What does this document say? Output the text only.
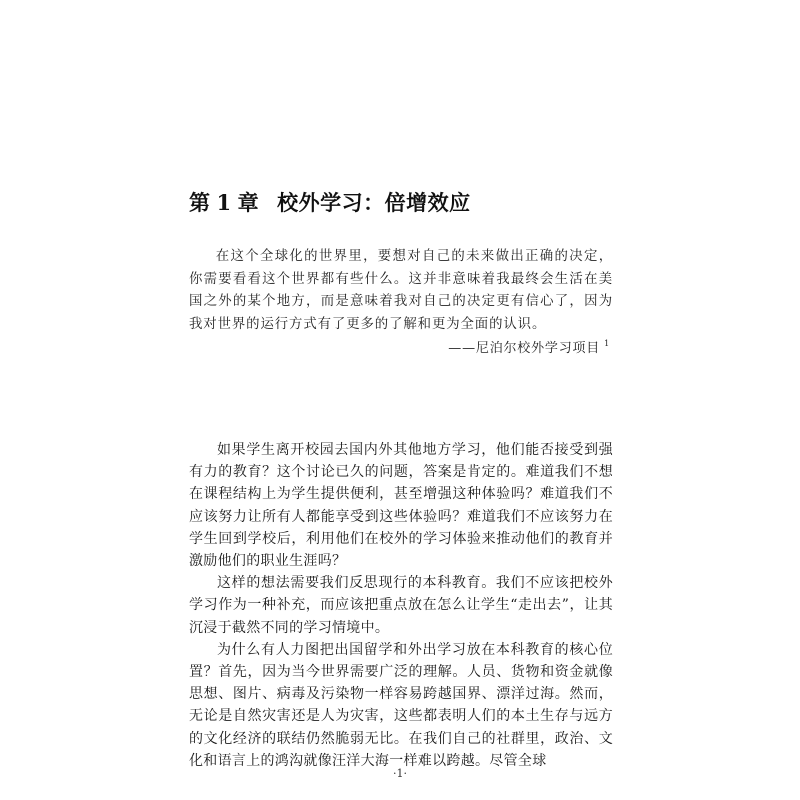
第 1 章 校外学习：倍增效应

在这个全球化的世界里，要想对自己的未来做出正确的决定，你需要看看这个世界都有些什么。这并非意味着我最终会生活在美国之外的某个地方，而是意味着我对自己的决定更有信心了，因为我对世界的运行方式有了更多的了解和更为全面的认识。

——尼泊尔校外学习项目 $^1$

如果学生离开校园去国内外其他地方学习，他们能否接受到强有力的教育？这个讨论已久的问题，答案是肯定的。难道我们不想在课程结构上为学生提供便利，甚至增强这种体验吗？难道我们不应该努力让所有人都能享受到这些体验吗？难道我们不应该努力在学生回到学校后，利用他们在校外的学习体验来推动他们的教育并激励他们的职业生涯吗？

这样的想法需要我们反思现行的本科教育。我们不应该把校外学习作为一种补充，而应该把重点放在怎么让学生“走出去”，让其沉浸于截然不同的学习情境中。

为什么有人力图把出国留学和外出学习放在本科教育的核心位置？首先，因为当今世界需要广泛的理解。人员、货物和资金就像思想、图片、病毒及污染物一样容易跨越国界、漂洋过海。然而，无论是自然灾害还是人为灾害，这些都表明人们的本土生存与远方的文化经济的联结仍然脆弱无比。在我们自己的社群里，政治、文化和语言上的鸿沟就像汪洋大海一样难以跨越。尽管全球

·1·
